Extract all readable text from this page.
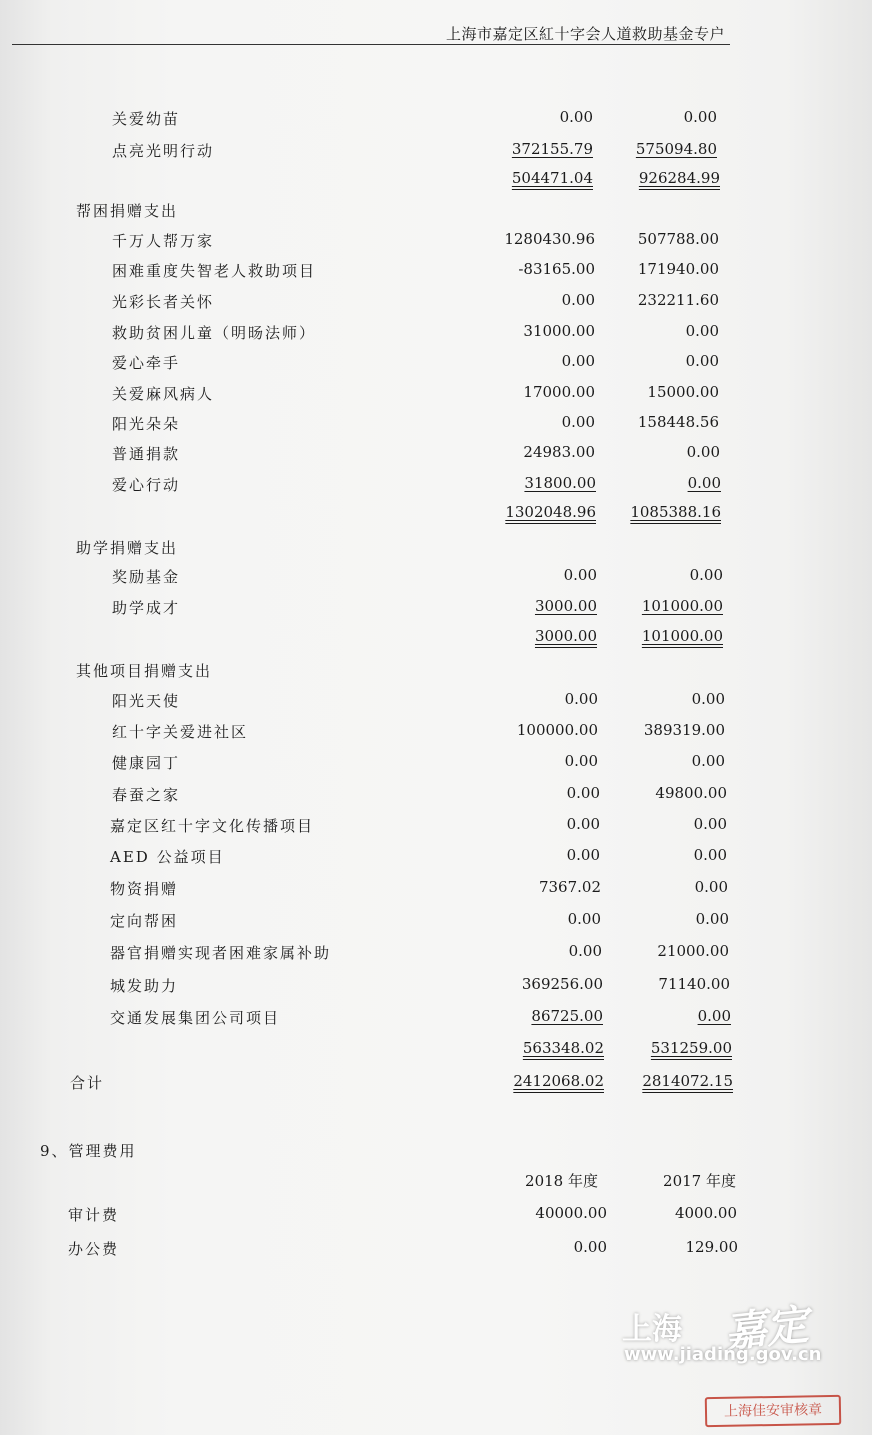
上海市嘉定区紅十字会人道救助基金专户
关爱幼苗	0.00	0.00
点亮光明行动	372155.79	575094.80
504471.04	926284.99
帮困捐赠支出
千万人帮万家	1280430.96	507788.00
困难重度失智老人救助项目	-83165.00	171940.00
光彩长者关怀	0.00	232211.60
救助贫困儿童（明旸法师）	31000.00	0.00
爱心牵手	0.00	0.00
关爱麻风病人	17000.00	15000.00
阳光朵朵	0.00	158448.56
普通捐款	24983.00	0.00
爱心行动	31800.00	0.00
1302048.96 1085388.16
助学捐赠支出
奖励基金	0.00	0.00
助学成才	3000.00	101000.00
3000.00	101000.00
其他项目捐赠支出
阳光天使	0.00	0.00
红十字关爱进社区	100000.00	389319.00
健康园丁	0.00	0.00
春蚕之家	0.00	49800.00
嘉定区红十字文化传播项目	0.00	0.00
AED 公益项目	0.00	0.00
物资捐赠	7367.02	0.00
定向帮困	0.00	0.00
器官捐赠实现者困难家属补助	0.00	21000.00
城发助力	369256.00	71140.00
交通发展集团公司项目	86725.00	0.00
563348.02	531259.00
合计	2412068.02	2814072.15
9、管理费用
2018 年度	2017 年度
审计费	40000.00	4000.00
办公费	0.00	129.00
上海 嘉定
www.jiading.gov.cn
上海佳安审核章
